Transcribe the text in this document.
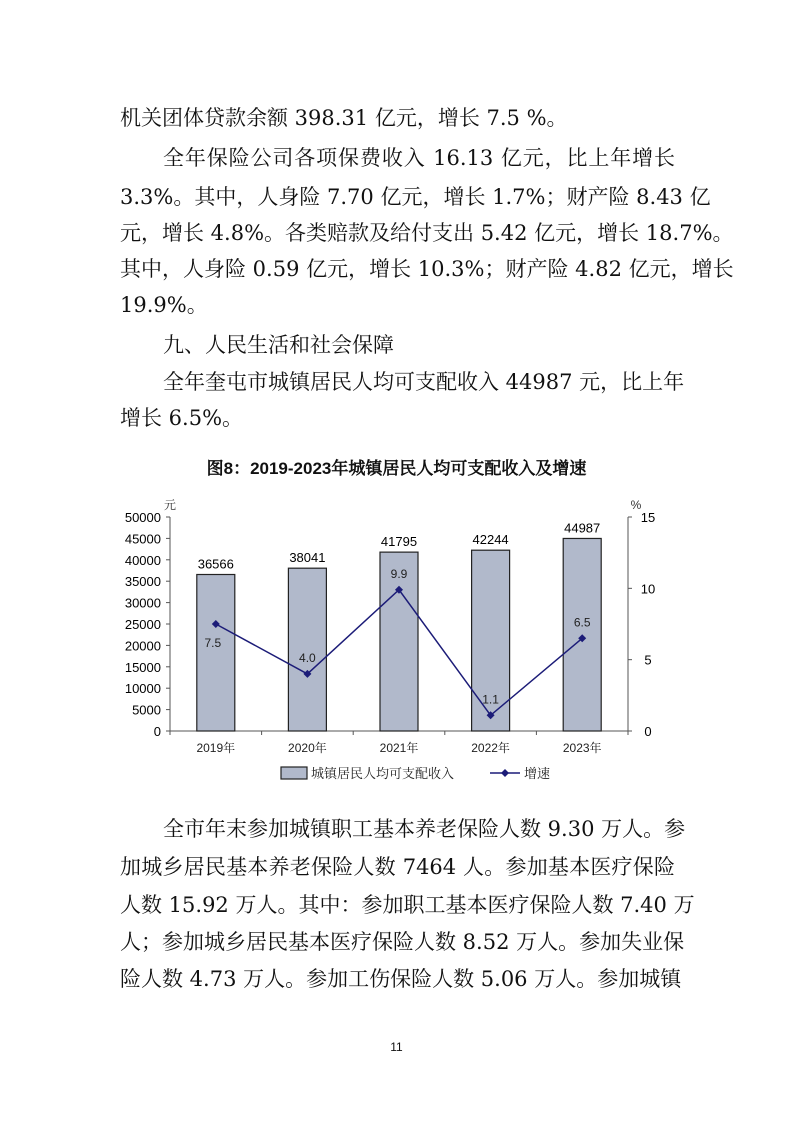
机关团体贷款余额 398.31 亿元，增长 7.5 %。
全年保险公司各项保费收入 16.13 亿元，比上年增长
3.3%。其中，人身险 7.70 亿元，增长 1.7%；财产险 8.43 亿
元，增长 4.8%。各类赔款及给付支出 5.42 亿元，增长 18.7%。
其中，人身险 0.59 亿元，增长 10.3%；财产险 4.82 亿元，增长
19.9%。
九、人民生活和社会保障
全年奎屯市城镇居民人均可支配收入 44987 元，比上年
增长 6.5%。
图8：2019-2023年城镇居民人均可支配收入及增速
0
5000
10000
15000
20000
25000
30000
35000
40000
45000
50000
0
5
10
15
元	%
36566	38041
41795	42244
44987
7.5
4.0
9.9
1.1
6.5
2019年	2020年	2021年	2022年	2023年
城镇居民人均可支配收入	增速
全市年末参加城镇职工基本养老保险人数 9.30 万人。参
加城乡居民基本养老保险人数 7464 人。参加基本医疗保险
人数 15.92 万人。其中：参加职工基本医疗保险人数 7.40 万
人；参加城乡居民基本医疗保险人数 8.52 万人。参加失业保
险人数 4.73 万人。参加工伤保险人数 5.06 万人。参加城镇
11
